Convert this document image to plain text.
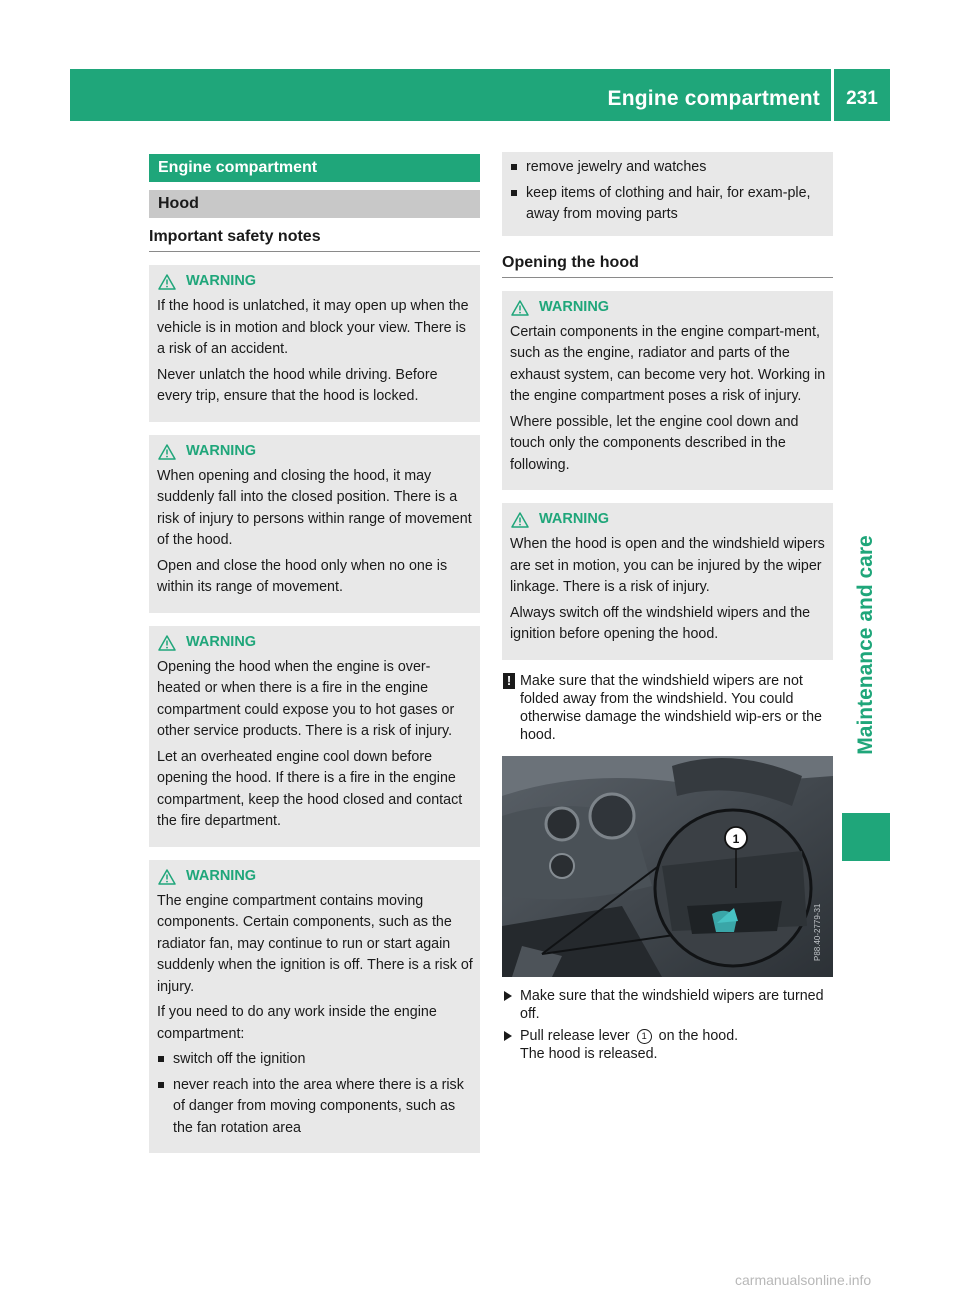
Engine compartment	231
Maintenance and care
Engine compartment
Hood
Important safety notes
WARNING

If the hood is unlatched, it may open up when the vehicle is in motion and block your view. There is a risk of an accident.

Never unlatch the hood while driving. Before every trip, ensure that the hood is locked.

WARNING

When opening and closing the hood, it may suddenly fall into the closed position. There is a risk of injury to persons within range of movement of the hood.

Open and close the hood only when no one is within its range of movement.

WARNING

Opening the hood when the engine is over-heated or when there is a fire in the engine compartment could expose you to hot gases or other service products. There is a risk of injury.

Let an overheated engine cool down before opening the hood. If there is a fire in the engine compartment, keep the hood closed and contact the fire department.

WARNING

The engine compartment contains moving components. Certain components, such as the radiator fan, may continue to run or start again suddenly when the ignition is off. There is a risk of injury.

If you need to do any work inside the engine compartment:

switch off the ignition
never reach into the area where there is a risk of danger from moving components, such as the fan rotation area
remove jewelry and watches
keep items of clothing and hair, for exam-ple, away from moving parts
Opening the hood
WARNING

Certain components in the engine compart-ment, such as the engine, radiator and parts of the exhaust system, can become very hot. Working in the engine compartment poses a risk of injury.

Where possible, let the engine cool down and touch only the components described in the following.

WARNING

When the hood is open and the windshield wipers are set in motion, you can be injured by the wiper linkage. There is a risk of injury.

Always switch off the windshield wipers and the ignition before opening the hood.

! Make sure that the windshield wipers are not folded away from the windshield. You could otherwise damage the windshield wip-ers or the hood.
1
P88.40-2779-31
Make sure that the windshield wipers are turned off.
Pull release lever 1 on the hood.
The hood is released.
carmanualsonline.info
